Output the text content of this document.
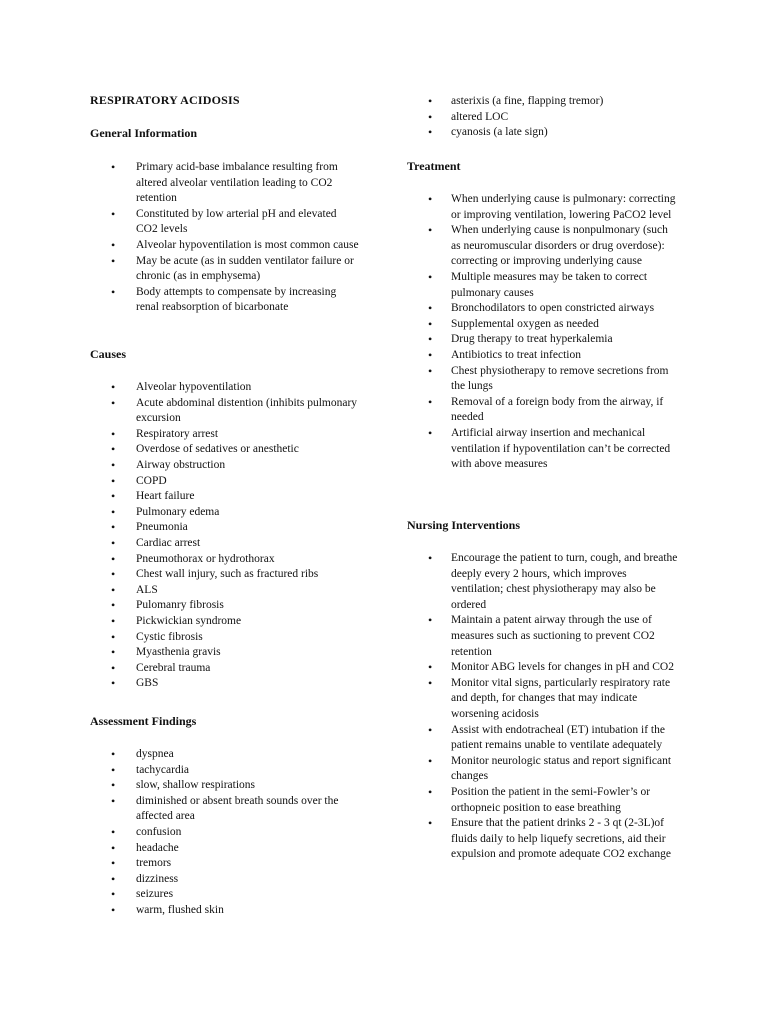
RESPIRATORY ACIDOSIS
General Information
• Primary acid-base imbalance resulting from altered alveolar ventilation leading to CO2 retention
• Constituted by low arterial pH and elevated CO2 levels
• Alveolar hypoventilation is most common cause
• May be acute (as in sudden ventilator failure or chronic (as in emphysema)
• Body attempts to compensate by increasing renal reabsorption of bicarbonate
Causes
• Alveolar hypoventilation
• Acute abdominal distention (inhibits pulmonary excursion
• Respiratory arrest
• Overdose of sedatives or anesthetic
• Airway obstruction
• COPD
• Heart failure
• Pulmonary edema
• Pneumonia
• Cardiac arrest
• Pneumothorax or hydrothorax
• Chest wall injury, such as fractured ribs
• ALS
• Pulomanry fibrosis
• Pickwickian syndrome
• Cystic fibrosis
• Myasthenia gravis
• Cerebral trauma
• GBS
Assessment Findings
• dyspnea
• tachycardia
• slow, shallow respirations
• diminished or absent breath sounds over the affected area
• confusion
• headache
• tremors
• dizziness
• seizures
• warm, flushed skin
• asterixis (a fine, flapping tremor)
• altered LOC
• cyanosis (a late sign)
Treatment
• When underlying cause is pulmonary: correcting or improving ventilation, lowering PaCO2 level
• When underlying cause is nonpulmonary (such as neuromuscular disorders or drug overdose): correcting or improving underlying cause
• Multiple measures may be taken to correct pulmonary causes
• Bronchodilators to open constricted airways
• Supplemental oxygen as needed
• Drug therapy to treat hyperkalemia
• Antibiotics to treat infection
• Chest physiotherapy to remove secretions from the lungs
• Removal of a foreign body from the airway, if needed
• Artificial airway insertion and mechanical ventilation if hypoventilation can’t be corrected with above measures
Nursing Interventions
• Encourage the patient to turn, cough, and breathe deeply every 2 hours, which improves ventilation; chest physiotherapy may also be ordered
• Maintain a patent airway through the use of measures such as suctioning to prevent CO2 retention
• Monitor ABG levels for changes in pH and CO2
• Monitor vital signs, particularly respiratory rate and depth, for changes that may indicate worsening acidosis
• Assist with endotracheal (ET) intubation if the patient remains unable to ventilate adequately
• Monitor neurologic status and report significant changes
• Position the patient in the semi-Fowler’s or orthopneic position to ease breathing
• Ensure that the patient drinks 2 - 3 qt (2-3L)of fluids daily to help liquefy secretions, aid their expulsion and promote adequate CO2 exchange
